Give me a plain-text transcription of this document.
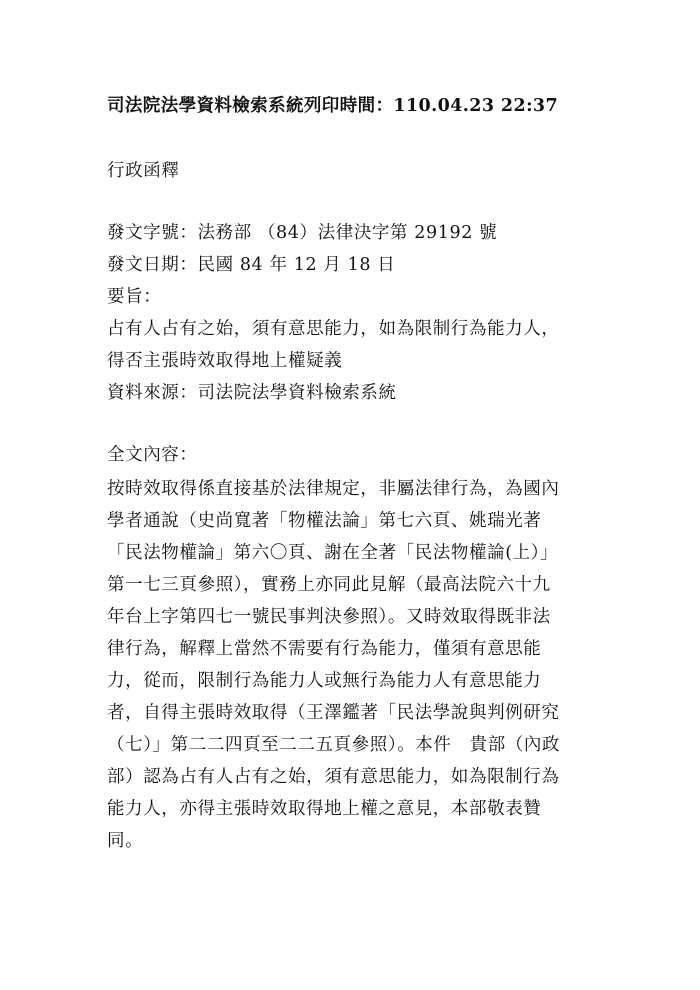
司法院法學資料檢索系統列印時間：110.04.23 22:37
行政函釋
發文字號：法務部 （84）法律決字第 29192 號
發文日期：民國 84 年 12 月 18 日
要旨：
占有人占有之始，須有意思能力，如為限制行為能力人，
得否主張時效取得地上權疑義
資料來源：司法院法學資料檢索系統
全文內容：
按時效取得係直接基於法律規定，非屬法律行為，為國內
學者通說（史尚寬著「物權法論」第七六頁、姚瑞光著
「民法物權論」第六〇頁、謝在全著「民法物權論(上）」
第一七三頁參照），實務上亦同此見解（最高法院六十九
年台上字第四七一號民事判決參照）。又時效取得既非法
律行為，解釋上當然不需要有行為能力，僅須有意思能
力，從而，限制行為能力人或無行為能力人有意思能力
者，自得主張時效取得（王澤鑑著「民法學說與判例研究
（七）」第二二四頁至二二五頁參照）。本件　貴部（內政
部）認為占有人占有之始，須有意思能力，如為限制行為
能力人，亦得主張時效取得地上權之意見，本部敬表贊
同。
